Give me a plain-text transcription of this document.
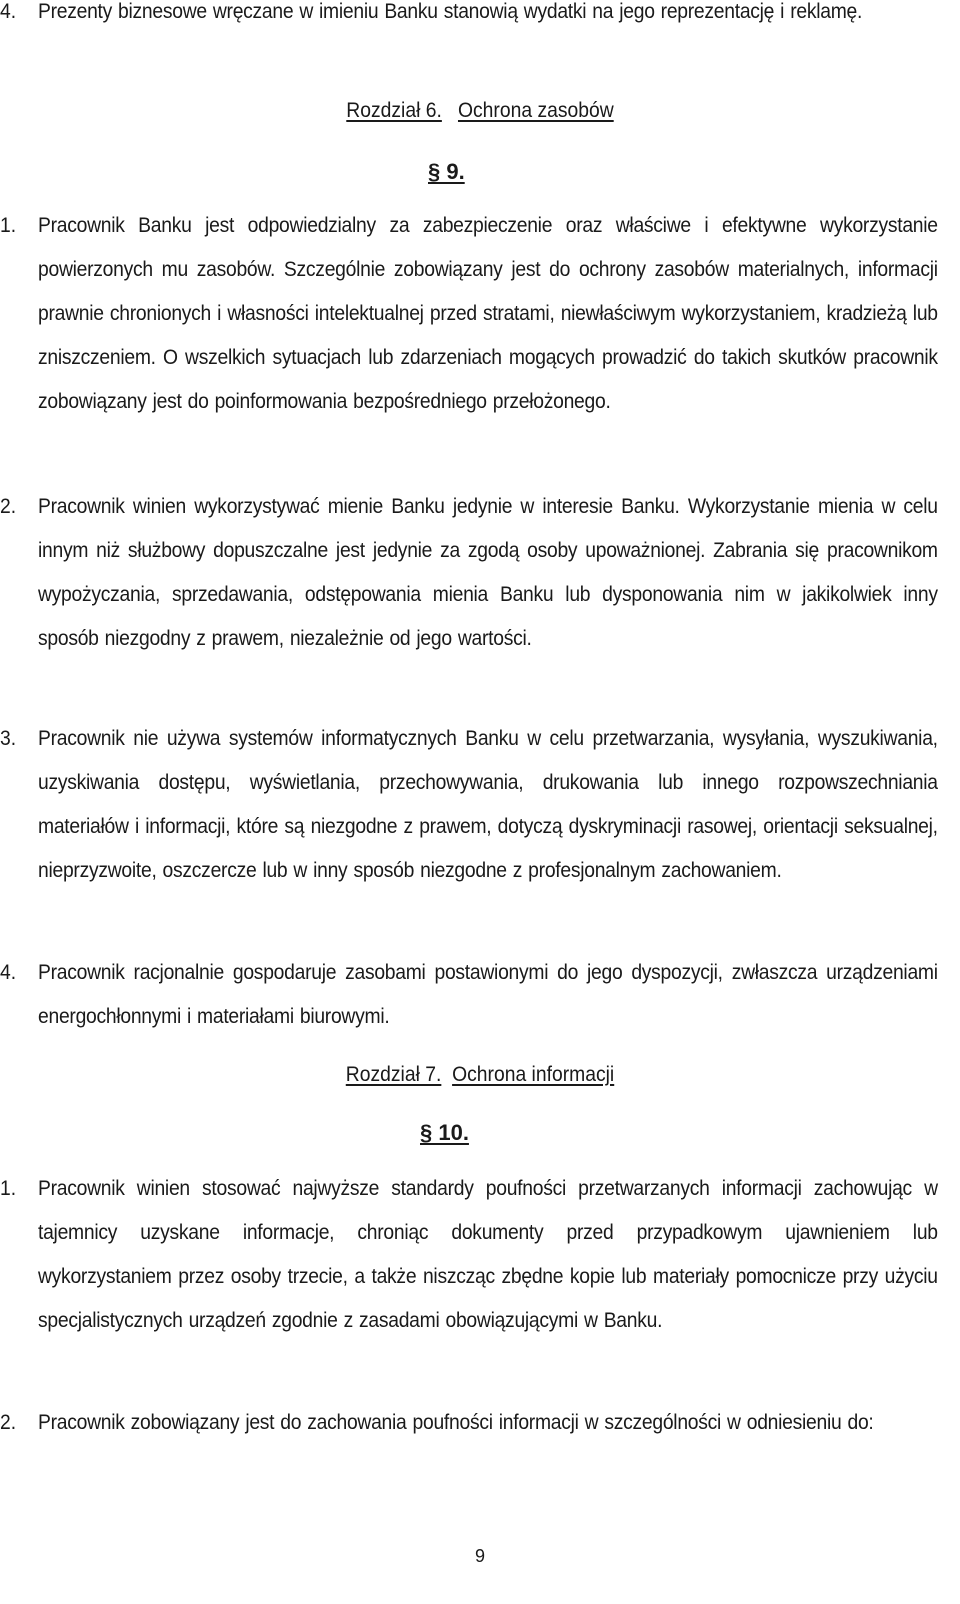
4. Prezenty biznesowe wręczane w imieniu Banku stanowią wydatki na jego reprezentację i reklamę.
Rozdział 6. Ochrona zasobów
§ 9.
1. Pracownik Banku jest odpowiedzialny za zabezpieczenie oraz właściwe i efektywne wykorzystanie powierzonych mu zasobów. Szczególnie zobowiązany jest do ochrony zasobów materialnych, informacji prawnie chronionych i własności intelektualnej przed stratami, niewłaściwym wykorzystaniem, kradzieżą lub zniszczeniem. O wszelkich sytuacjach lub zdarzeniach mogących prowadzić do takich skutków pracownik zobowiązany jest do poinformowania bezpośredniego przełożonego.
2. Pracownik winien wykorzystywać mienie Banku jedynie w interesie Banku. Wykorzystanie mienia w celu innym niż służbowy dopuszczalne jest jedynie za zgodą osoby upoważnionej. Zabrania się pracownikom wypożyczania, sprzedawania, odstępowania mienia Banku lub dysponowania nim w jakikolwiek inny sposób niezgodny z prawem, niezależnie od jego wartości.
3. Pracownik nie używa systemów informatycznych Banku w celu przetwarzania, wysyłania, wyszukiwania, uzyskiwania dostępu, wyświetlania, przechowywania, drukowania lub innego rozpowszechniania materiałów i informacji, które są niezgodne z prawem, dotyczą dyskryminacji rasowej, orientacji seksualnej, nieprzyzwoite, oszczercze lub w inny sposób niezgodne z profesjonalnym zachowaniem.
4. Pracownik racjonalnie gospodaruje zasobami postawionymi do jego dyspozycji, zwłaszcza urządzeniami energochłonnymi i materiałami biurowymi.
Rozdział 7. Ochrona informacji
§ 10.
1. Pracownik winien stosować najwyższe standardy poufności przetwarzanych informacji zachowując w tajemnicy uzyskane informacje, chroniąc dokumenty przed przypadkowym ujawnieniem lub wykorzystaniem przez osoby trzecie, a także niszcząc zbędne kopie lub materiały pomocnicze przy użyciu specjalistycznych urządzeń zgodnie z zasadami obowiązującymi w Banku.
2. Pracownik zobowiązany jest do zachowania poufności informacji w szczególności w odniesieniu do:
9
